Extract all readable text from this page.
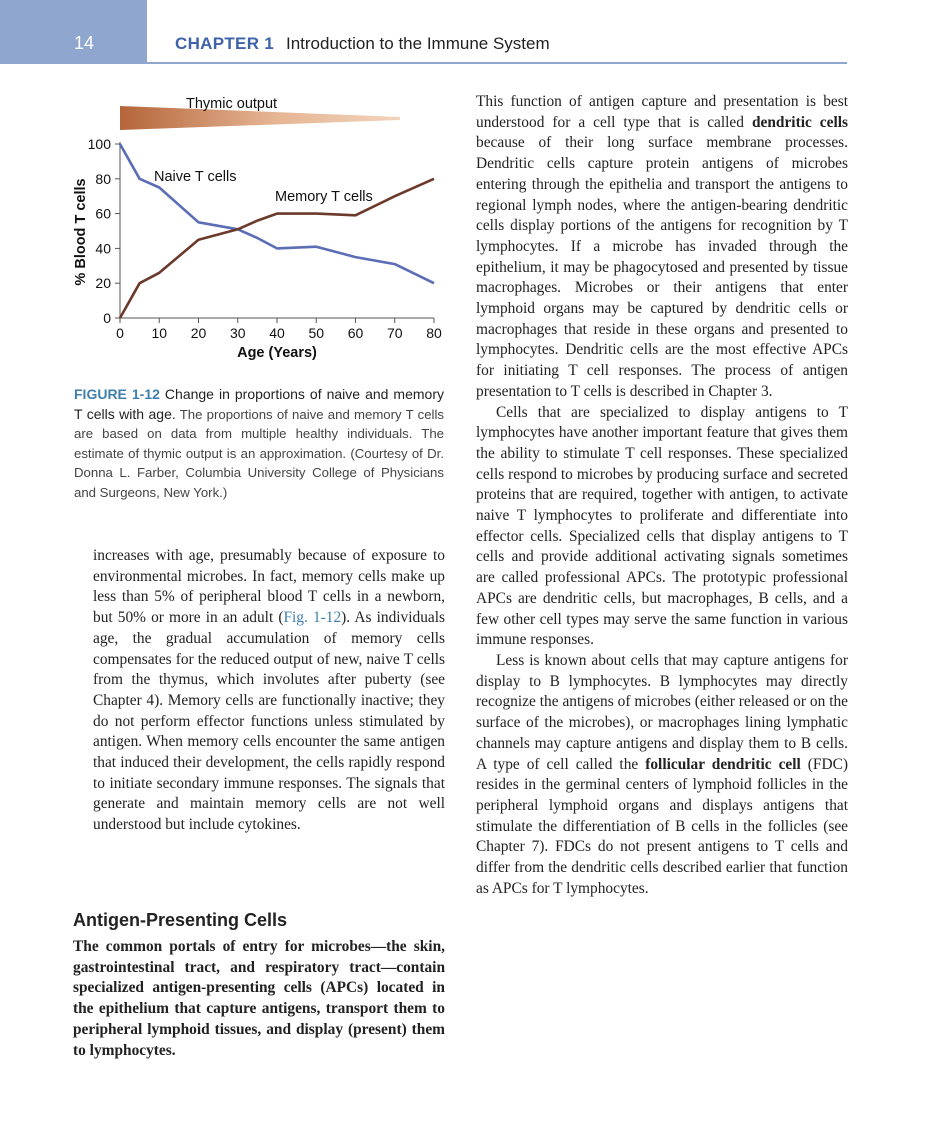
14	CHAPTER 1 Introduction to the Immune System
Thymic output
0 10 20 30 40 50 60 70 80
0
20
40
60
80
100
Naive T cells
Memory T cells
Age (Years)
% Blood T cells
FIGURE 1-12 Change in proportions of naive and memory T cells with age. The proportions of naive and memory T cells are based on data from multiple healthy individuals. The estimate of thymic output is an approximation. (Courtesy of Dr. Donna L. Farber, Columbia University College of Physicians and Surgeons, New York.)

increases with age, presumably because of exposure to environmental microbes. In fact, memory cells make up less than 5% of peripheral blood T cells in a newborn, but 50% or more in an adult (Fig. 1-12). As individuals age, the gradual accumulation of memory cells compensates for the reduced output of new, naive T cells from the thymus, which involutes after puberty (see Chapter 4). Memory cells are functionally inactive; they do not perform effector functions unless stimulated by antigen. When memory cells encounter the same antigen that induced their development, the cells rapidly respond to initiate secondary immune responses. The signals that generate and maintain memory cells are not well understood but include cytokines.

Antigen-Presenting Cells

The common portals of entry for microbes—the skin, gastrointestinal tract, and respiratory tract—contain specialized antigen-presenting cells (APCs) located in the epithelium that capture antigens, transport them to peripheral lymphoid tissues, and display (present) them to lymphocytes.

This function of antigen capture and presentation is best understood for a cell type that is called dendritic cells because of their long surface membrane processes. Dendritic cells capture protein antigens of microbes entering through the epithelia and transport the antigens to regional lymph nodes, where the antigen-bearing dendritic cells display portions of the antigens for recognition by T lymphocytes. If a microbe has invaded through the epithelium, it may be phagocytosed and presented by tissue macrophages. Microbes or their antigens that enter lymphoid organs may be captured by dendritic cells or macrophages that reside in these organs and presented to lymphocytes. Dendritic cells are the most effective APCs for initiating T cell responses. The process of antigen presentation to T cells is described in Chapter 3.

Cells that are specialized to display antigens to T lymphocytes have another important feature that gives them the ability to stimulate T cell responses. These specialized cells respond to microbes by producing surface and secreted proteins that are required, together with antigen, to activate naive T lymphocytes to proliferate and differentiate into effector cells. Specialized cells that display antigens to T cells and provide additional activating signals sometimes are called professional APCs. The prototypic professional APCs are dendritic cells, but macrophages, B cells, and a few other cell types may serve the same function in various immune responses.

Less is known about cells that may capture antigens for display to B lymphocytes. B lymphocytes may directly recognize the antigens of microbes (either released or on the surface of the microbes), or macrophages lining lymphatic channels may capture antigens and display them to B cells. A type of cell called the follicular dendritic cell (FDC) resides in the germinal centers of lymphoid follicles in the peripheral lymphoid organs and displays antigens that stimulate the differentiation of B cells in the follicles (see Chapter 7). FDCs do not present antigens to T cells and differ from the dendritic cells described earlier that function as APCs for T lymphocytes.
